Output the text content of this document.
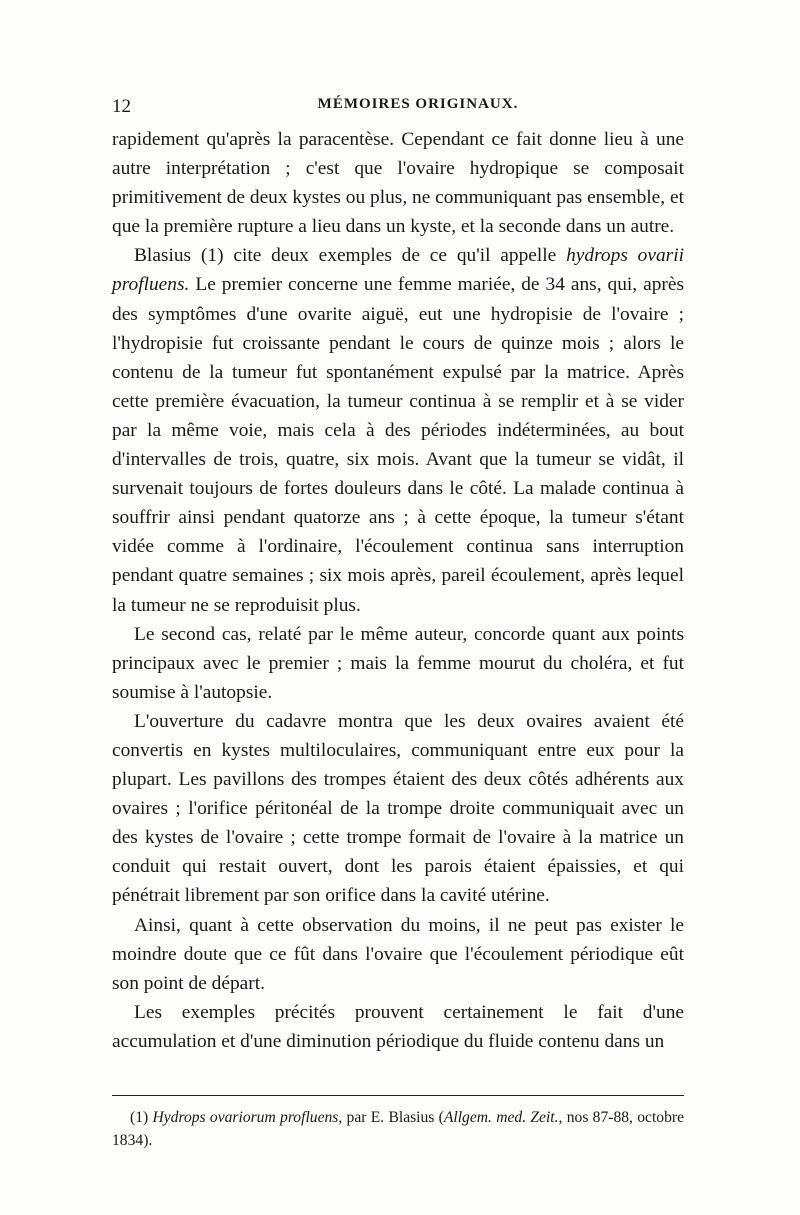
12	MÉMOIRES ORIGINAUX.

rapidement qu'après la paracentèse. Cependant ce fait donne lieu à une autre interprétation ; c'est que l'ovaire hydropique se composait primitivement de deux kystes ou plus, ne communiquant pas ensemble, et que la première rupture a lieu dans un kyste, et la seconde dans un autre.

Blasius (1) cite deux exemples de ce qu'il appelle hydrops ovarii profluens. Le premier concerne une femme mariée, de 34 ans, qui, après des symptômes d'une ovarite aiguë, eut une hydropisie de l'ovaire ; l'hydropisie fut croissante pendant le cours de quinze mois ; alors le contenu de la tumeur fut spontanément expulsé par la matrice. Après cette première évacuation, la tumeur continua à se remplir et à se vider par la même voie, mais cela à des périodes indéterminées, au bout d'intervalles de trois, quatre, six mois. Avant que la tumeur se vidât, il survenait toujours de fortes douleurs dans le côté. La malade continua à souffrir ainsi pendant quatorze ans ; à cette époque, la tumeur s'étant vidée comme à l'ordinaire, l'écoulement continua sans interruption pendant quatre semaines ; six mois après, pareil écoulement, après lequel la tumeur ne se reproduisit plus.

Le second cas, relaté par le même auteur, concorde quant aux points principaux avec le premier ; mais la femme mourut du choléra, et fut soumise à l'autopsie.

L'ouverture du cadavre montra que les deux ovaires avaient été convertis en kystes multiloculaires, communiquant entre eux pour la plupart. Les pavillons des trompes étaient des deux côtés adhérents aux ovaires ; l'orifice péritonéal de la trompe droite communiquait avec un des kystes de l'ovaire ; cette trompe formait de l'ovaire à la matrice un conduit qui restait ouvert, dont les parois étaient épaissies, et qui pénétrait librement par son orifice dans la cavité utérine.

Ainsi, quant à cette observation du moins, il ne peut pas exister le moindre doute que ce fût dans l'ovaire que l'écoulement périodique eût son point de départ.

Les exemples précités prouvent certainement le fait d'une accumulation et d'une diminution périodique du fluide contenu dans un

(1) Hydrops ovariorum profluens, par E. Blasius (Allgem. med. Zeit., nos 87-88, octobre 1834).
